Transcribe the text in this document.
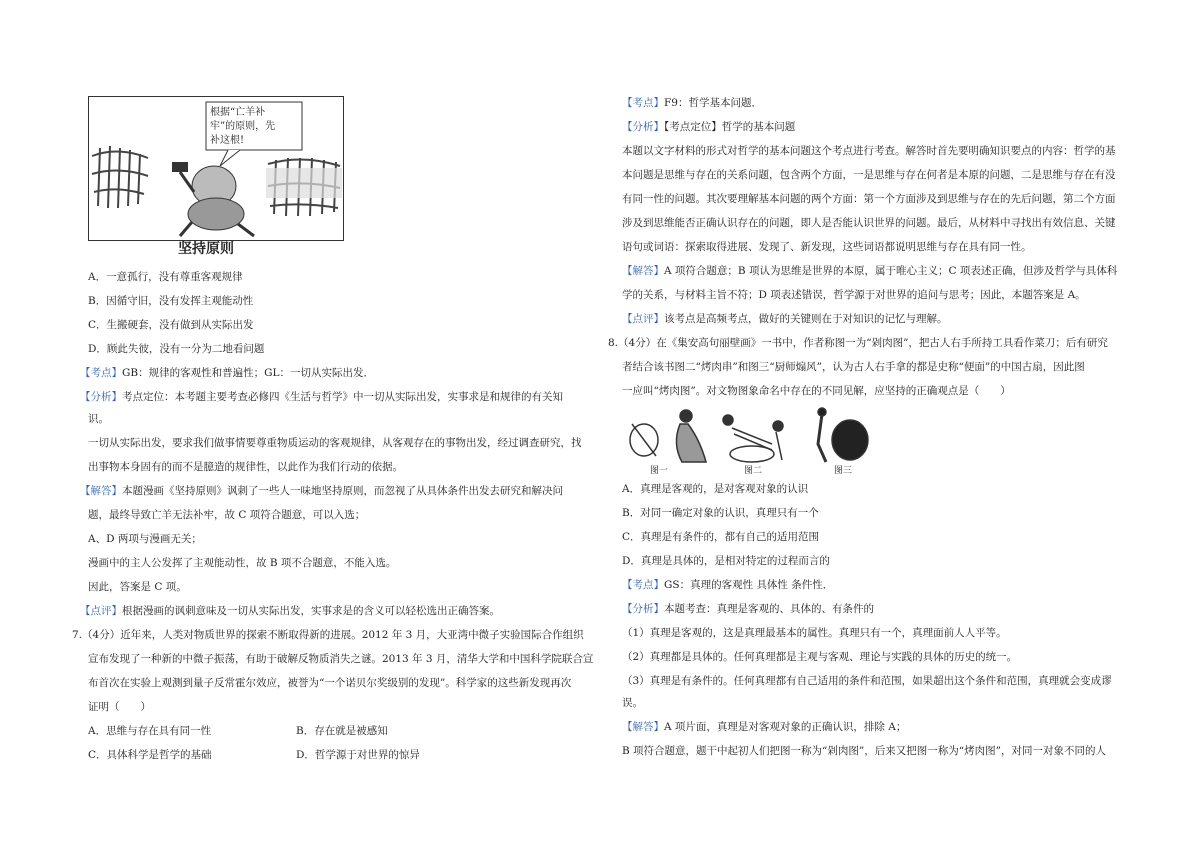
根据“亡羊补
牢”的原则，先
补这根!
坚持原则
A．一意孤行，没有尊重客观规律
B．因循守旧，没有发挥主观能动性
C．生搬硬套，没有做到从实际出发
D．顾此失彼，没有一分为二地看问题
【考点】GB：规律的客观性和普遍性；GL：一切从实际出发．
【分析】考点定位：本考题主要考查必修四《生活与哲学》中一切从实际出发，实事求是和规律的有关知
识。
一切从实际出发，要求我们做事情要尊重物质运动的客观规律，从客观存在的事物出发，经过调查研究，找
出事物本身固有的而不是臆造的规律性，以此作为我们行动的依据。
【解答】本题漫画《坚持原则》讽刺了一些人一味地坚持原则，而忽视了从具体条件出发去研究和解决问
题，最终导致亡羊无法补牢，故 C 项符合题意，可以入选；
A、D 两项与漫画无关；
漫画中的主人公发挥了主观能动性，故 B 项不合题意，不能入选。
因此，答案是 C 项。
【点评】根据漫画的讽刺意味及一切从实际出发，实事求是的含义可以轻松选出正确答案。
7.（4分）近年来，人类对物质世界的探索不断取得新的进展。2012 年 3 月，大亚湾中微子实验国际合作组织
宣布发现了一种新的中微子振荡，有助于破解反物质消失之谜。2013 年 3 月，清华大学和中国科学院联合宣
布首次在实验上观测到量子反常霍尔效应，被誉为“一个诺贝尔奖级别的发现”。科学家的这些新发现再次
证明（　　）
A．思维与存在具有同一性	B．存在就是被感知
C．具体科学是哲学的基础	D．哲学源于对世界的惊异
【考点】F9：哲学基本问题．
【分析】【考点定位】哲学的基本问题
本题以文字材料的形式对哲学的基本问题这个考点进行考查。解答时首先要明确知识要点的内容：哲学的基
本问题是思维与存在的关系问题，包含两个方面，一是思维与存在何者是本原的问题，二是思维与存在有没
有同一性的问题。其次要理解基本问题的两个方面：第一个方面涉及到思维与存在的先后问题，第二个方面
涉及到思维能否正确认识存在的问题，即人是否能认识世界的问题。最后，从材料中寻找出有效信息、关键
语句或词语：探索取得进展、发现了、新发现，这些词语都说明思维与存在具有同一性。
【解答】A 项符合题意；B 项认为思维是世界的本原，属于唯心主义；C 项表述正确，但涉及哲学与具体科
学的关系，与材料主旨不符；D 项表述错误，哲学源于对世界的追问与思考；因此，本题答案是 A。
【点评】该考点是高频考点，做好的关键则在于对知识的记忆与理解。
8.（4分）在《集安高句丽壁画》一书中，作者称图一为“剁肉图”，把古人右手所持工具看作菜刀；后有研究
者结合该书图二“烤肉串”和图三“厨师煽风”，认为古人右手拿的都是史称“便面”的中国古扇，因此图
一应叫“烤肉图”。对文物图象命名中存在的不同见解，应坚持的正确观点是（　　）
图一	图二	图三
A．真理是客观的，是对客观对象的认识
B．对同一确定对象的认识，真理只有一个
C．真理是有条件的，都有自己的适用范围
D．真理是具体的，是相对特定的过程而言的
【考点】GS：真理的客观性 具体性 条件性．
【分析】本题考查：真理是客观的、具体的、有条件的
（1）真理是客观的，这是真理最基本的属性。真理只有一个，真理面前人人平等。
（2）真理都是具体的。任何真理都是主观与客观、理论与实践的具体的历史的统一。
（3）真理是有条件的。任何真理都有自己适用的条件和范围，如果超出这个条件和范围，真理就会变成谬
误。
【解答】A 项片面，真理是对客观对象的正确认识，排除 A；
B 项符合题意，题干中起初人们把图一称为“剁肉图”，后来又把图一称为“烤肉图”，对同一对象不同的人
